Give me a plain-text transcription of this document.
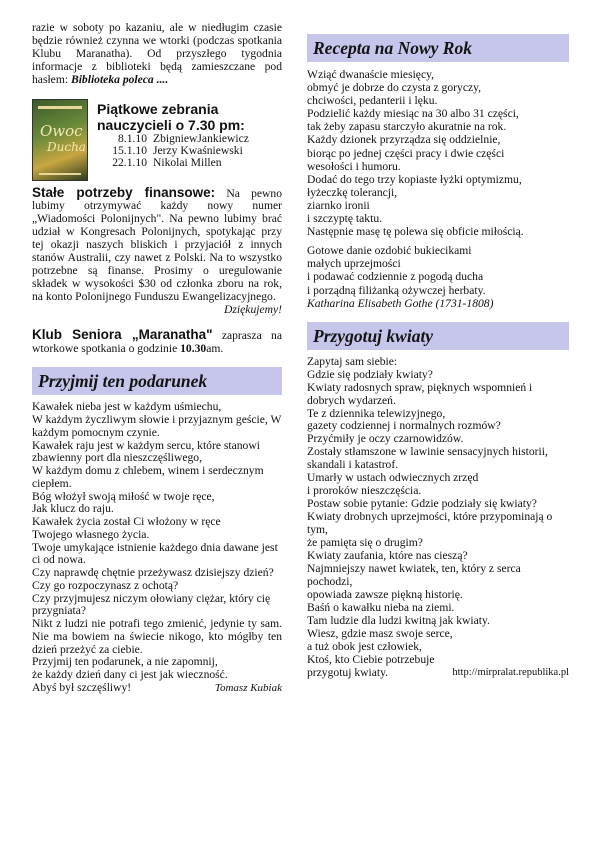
razie w soboty po kazaniu, ale w niedługim czasie będzie również czynna we wtorki (podczas spotkania Klubu Maranatha). Od przyszłego tygodnia informacje z biblioteki będą zamieszczane pod hasłem: Biblioteka poleca ....

Owoc
Ducha

Piątkowe zebrania nauczycieli o 7.30 pm:

8.1.10	ZbigniewJankiewicz
15.1.10	Jerzy Kwaśniewski
22.1.10	Nikolai Millen

Stałe potrzeby finansowe: Na pewno lubimy otrzymywać każdy nowy numer „Wiadomości Polonijnych". Na pewno lubimy brać udział w Kongresach Polonijnych, spotykając przy tej okazji naszych bliskich i przyjaciół z innych stanów Australii, czy nawet z Polski. Na to wszystko potrzebne są finanse. Prosimy o uregulowanie składek w wysokości $30 od członka zboru na rok, na konto Polonijnego Funduszu Ewangelizacyjnego.

Dziękujemy!

Klub Seniora „Maranatha" zaprasza na wtorkowe spotkania o godzinie 10.30am.

Przyjmij ten podarunek

Kawałek nieba jest w każdym uśmiechu,

W każdym życzliwym słowie i przyjaznym geście, W każdym pomocnym czynie.

Kawałek raju jest w każdym sercu, które stanowi zbawienny port dla nieszczęśliwego,

W każdym domu z chlebem, winem i serdecznym ciepłem.

Bóg włożył swoją miłość w twoje ręce,

Jak klucz do raju.

Kawałek życia został Ci włożony w ręce

Twojego własnego życia.

Twoje umykające istnienie każdego dnia dawane jest ci od nowa.

Czy naprawdę chętnie przeżywasz dzisiejszy dzień? Czy go rozpoczynasz z ochotą?

Czy przyjmujesz niczym ołowiany ciężar, który cię przygniata?

Nikt z ludzi nie potrafi tego zmienić, jedynie ty sam. Nie ma bowiem na świecie nikogo, kto mógłby ten dzień przeżyć za ciebie.

Przyjmij ten podarunek, a nie zapomnij,

że każdy dzień dany ci jest jak wieczność.

Abyś był szczęśliwy!	Tomasz Kubiak

Recepta na Nowy Rok

Wziąć dwanaście miesięcy,

obmyć je dobrze do czysta z goryczy,

chciwości, pedanterii i lęku.

Podzielić każdy miesiąc na 30 albo 31 części,

tak żeby zapasu starczyło akuratnie na rok.

Każdy dzionek przyrządza się oddzielnie,

biorąc po jednej części pracy i dwie części

wesołości i humoru.

Dodać do tego trzy kopiaste łyżki optymizmu,

łyżeczkę tolerancji,

ziarnko ironii

i szczyptę taktu.

Następnie masę tę polewa się obficie miłością.

Gotowe danie ozdobić bukiecikami

małych uprzejmości

i podawać codziennie z pogodą ducha

i porządną filiżanką ożywczej herbaty.

Katharina Elisabeth Gothe (1731-1808)

Przygotuj kwiaty

Zapytaj sam siebie:

Gdzie się podziały kwiaty?

Kwiaty radosnych spraw, pięknych wspomnień i dobrych wydarzeń.

Te z dziennika telewizyjnego,

gazety codziennej i normalnych rozmów?

Przyćmiły je oczy czarnowidzów.

Zostały stłamszone w lawinie sensacyjnych historii,

skandali i katastrof.

Umarły w ustach odwiecznych zrzęd

i proroków nieszczęścia.

Postaw sobie pytanie: Gdzie podziały się kwiaty?

Kwiaty drobnych uprzejmości, które przypominają o tym,

że pamięta się o drugim?

Kwiaty zaufania, które nas cieszą?

Najmniejszy nawet kwiatek, ten, który z serca pochodzi,

opowiada zawsze piękną historię.

Baśń o kawałku nieba na ziemi.

Tam ludzie dla ludzi kwitną jak kwiaty.

Wiesz, gdzie masz swoje serce,

a tuż obok jest człowiek,

Ktoś, kto Ciebie potrzebuje

przygotuj kwiaty.	http://mirpralat.republika.pl
